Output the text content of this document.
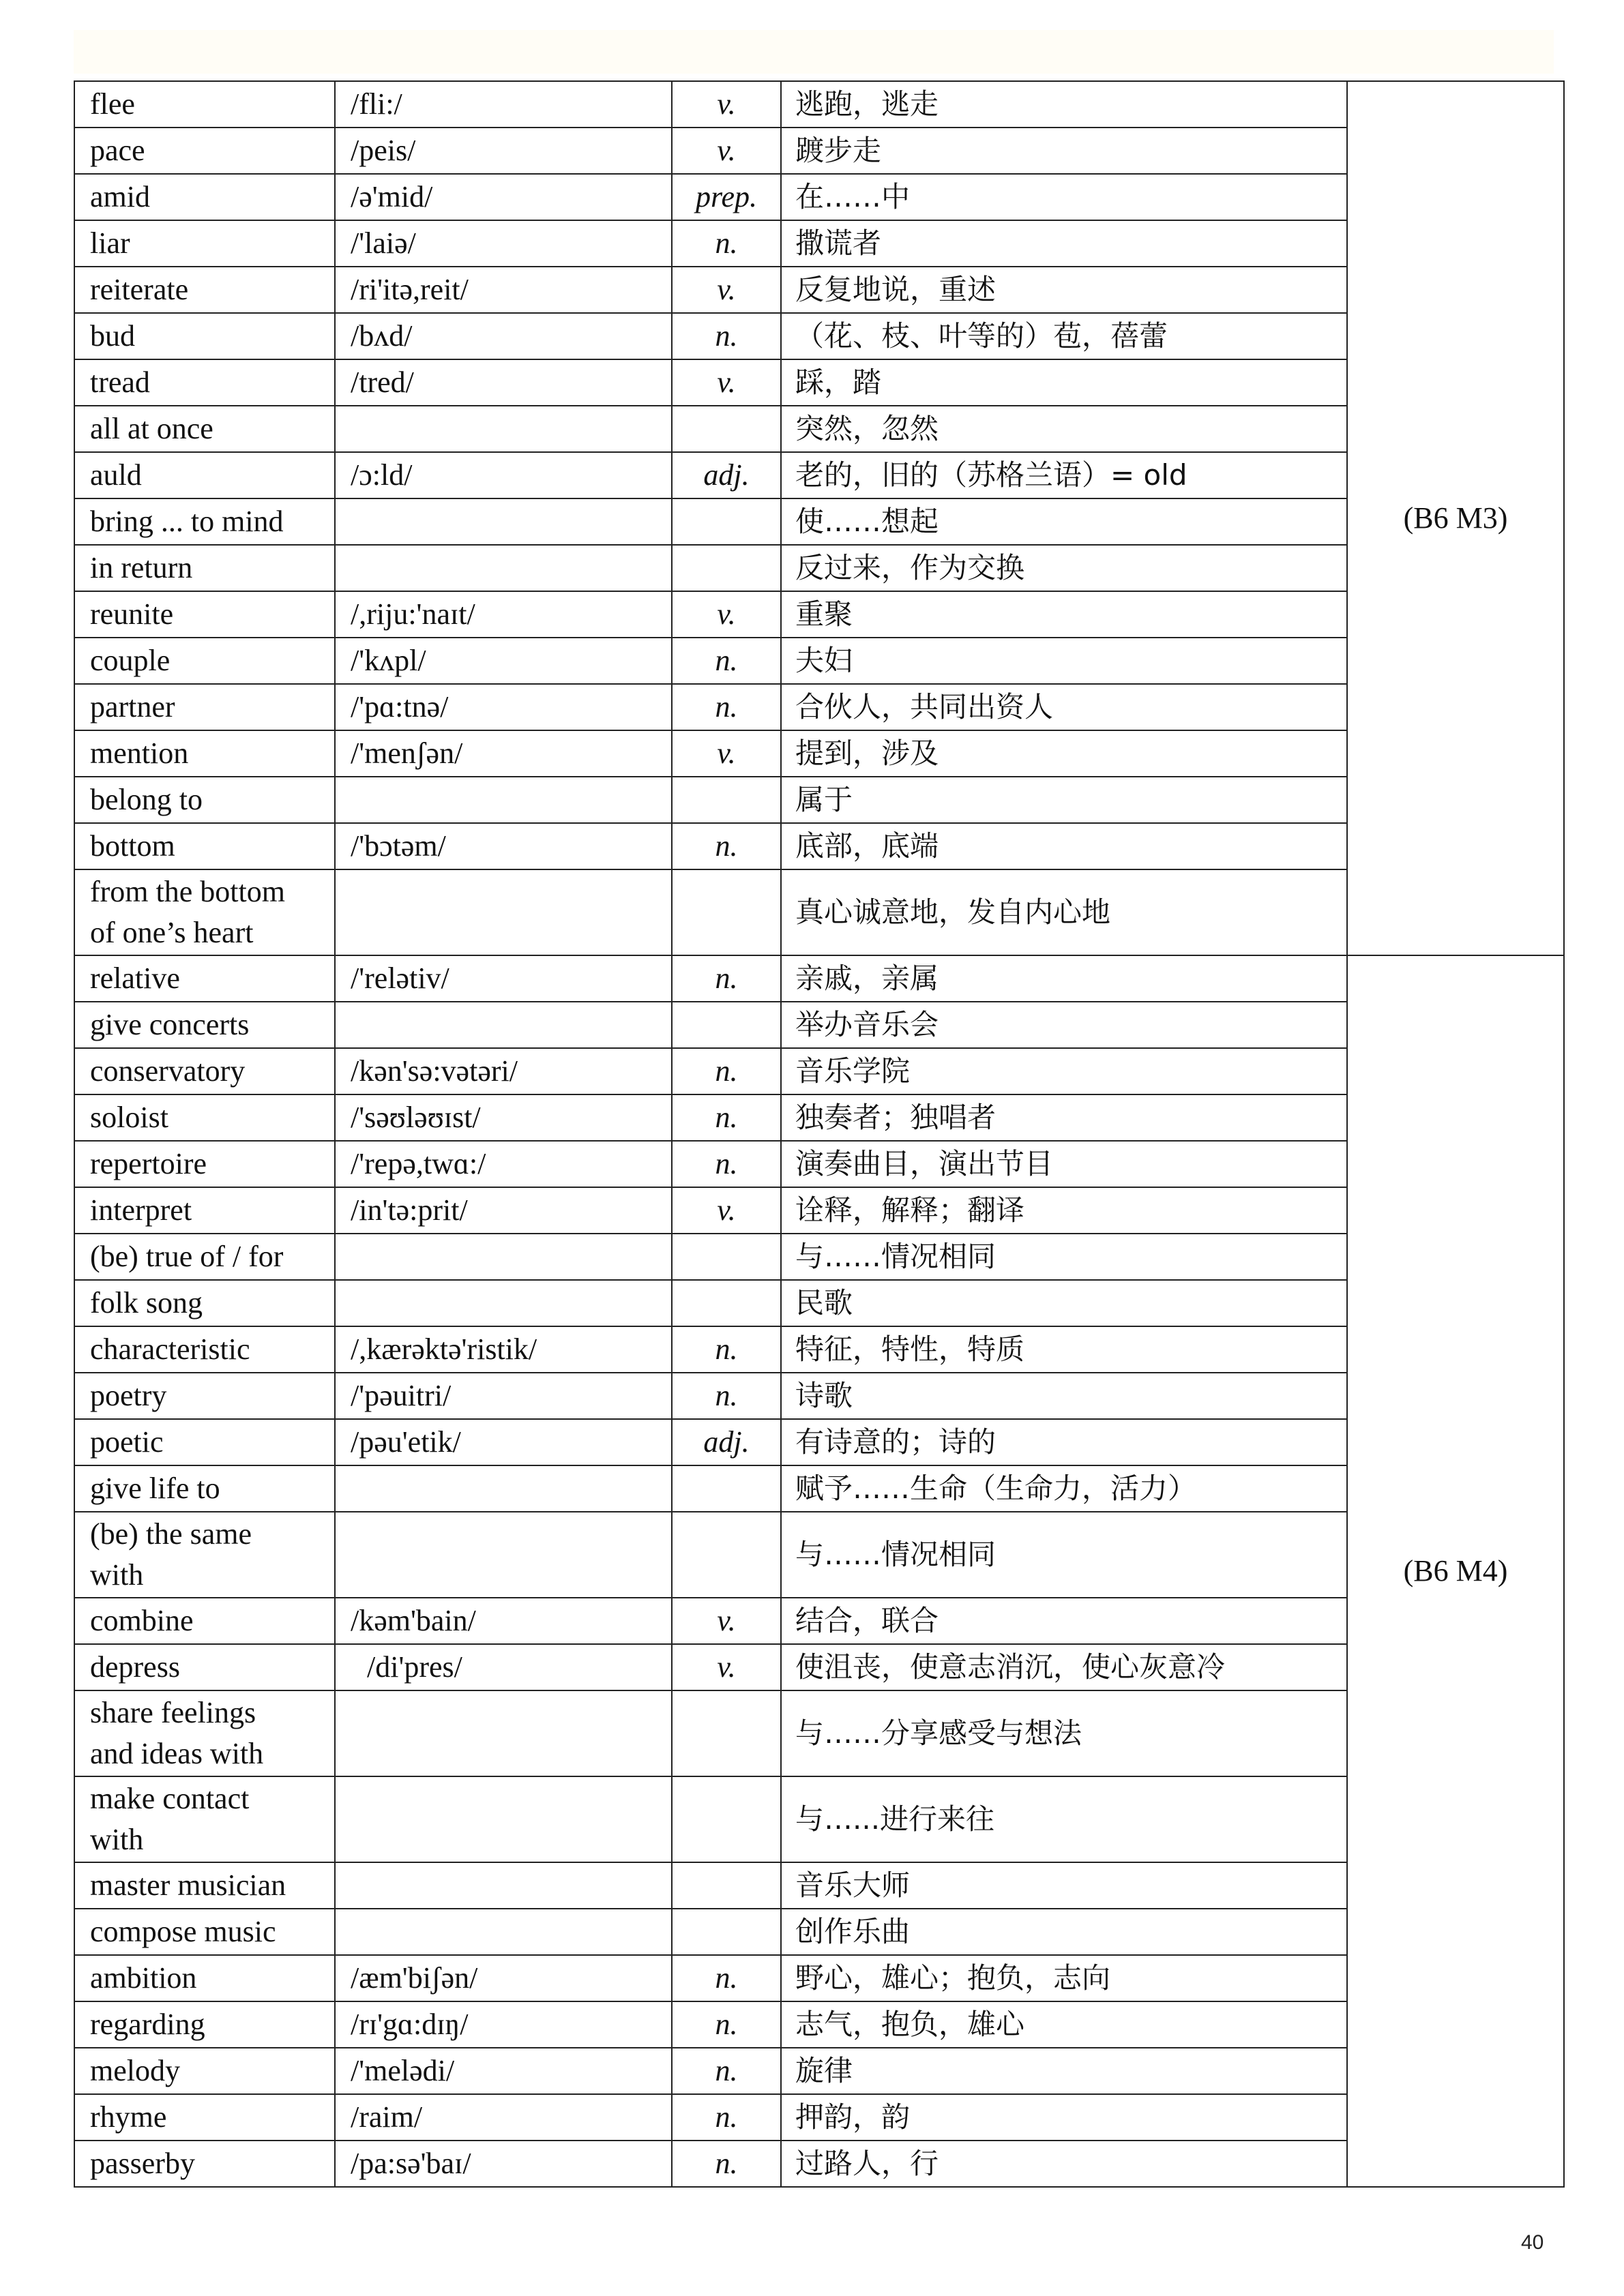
flee	/fli:/	v.	逃跑，逃走	(B6 M3)
pace	/peis/	v.	踱步走	
amid	/ə'mid/	prep.	在……中	
liar	/'laiə/	n.	撒谎者	
reiterate	/ri'itə,reit/	v.	反复地说，重述	
bud	/bʌd/	n.	（花、枝、叶等的）苞，蓓蕾	
tread	/tred/	v.	踩，踏	
all at once			突然，忽然	
auld	/ɔ:ld/	adj.	老的，旧的（苏格兰语）= old	
bring ... to mind			使……想起	
in return			反过来，作为交换	
reunite	/,riju:'naɪt/	v.	重聚	
couple	/'kʌpl/	n.	夫妇	
partner	/'pɑ:tnə/	n.	合伙人，共同出资人	
mention	/'menʃən/	v.	提到，涉及	
belong to			属于	
bottom	/'bɔtəm/	n.	底部，底端	

from the bottom
of one’s heart			真心诚意地，发自内心地	
relative	/'relətiv/	n.	亲戚，亲属	(B6 M4)
give concerts			举办音乐会	
conservatory	/kən'sə:vətəri/	n.	音乐学院	
soloist	/'səʊləʊɪst/	n.	独奏者；独唱者	
repertoire	/'repə,twɑ:/	n.	演奏曲目，演出节目	
interpret	/in'tə:prit/	v.	诠释，解释；翻译	
(be) true of / for			与……情况相同	
folk song			民歌	
characteristic	/,kærəktə'ristik/	n.	特征，特性，特质	
poetry	/'pəuitri/	n.	诗歌	
poetic	/pəu'etik/	adj.	有诗意的；诗的	
give life to			赋予……生命（生命力，活力）	

(be) the same
with			与……情况相同	
combine	/kəm'bain/	v.	结合，联合	
depress	/di'pres/	v.	使沮丧，使意志消沉，使心灰意冷	

share feelings
and ideas with			与……分享感受与想法	

make contact
with			与…...进行来往	
master musician			音乐大师	
compose music			创作乐曲	
ambition	/æm'biʃən/	n.	野心，雄心；抱负，志向	
regarding	/rɪ'gɑ:dɪŋ/	n.	志气，抱负，雄心	
melody	/'melədi/	n.	旋律	
rhyme	/raim/	n.	押韵，韵	
passerby	/pa:sə'baɪ/	n.	过路人，行	
40
